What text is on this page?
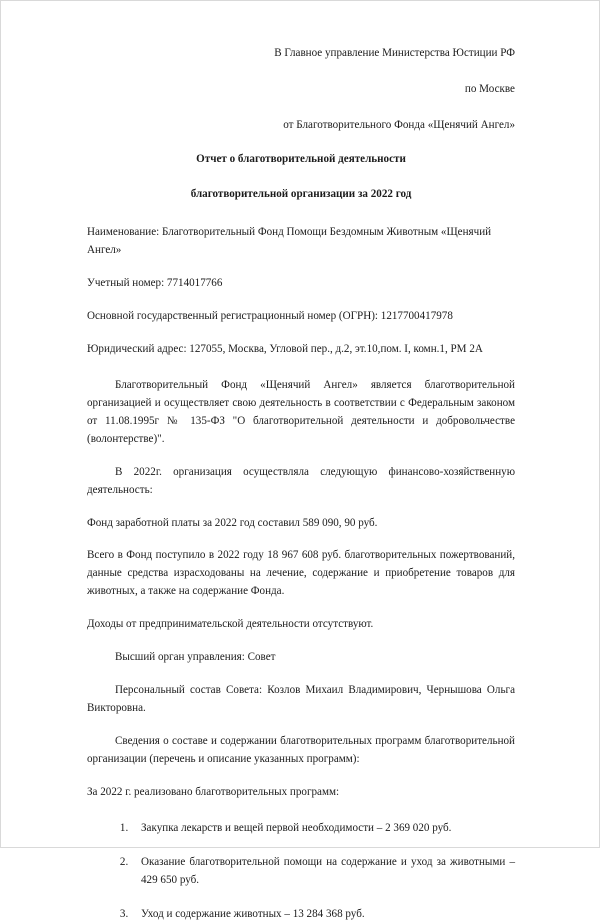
В Главное управление Министерства Юстиции РФ
по Москве
от Благотворительного Фонда «Щенячий Ангел»
Отчет о благотворительной деятельности
благотворительной организации за 2022 год

Наименование: Благотворительный Фонд Помощи Бездомным Животным «Щенячий Ангел»

Учетный номер: 7714017766

Основной государственный регистрационный номер (ОГРН): 1217700417978

Юридический адрес: 127055, Москва, Угловой пер., д.2, эт.10,пом. I, комн.1, РМ 2А

Благотворительный Фонд «Щенячий Ангел» является благотворительной организацией и осуществляет свою деятельность в соответствии с Федеральным законом от 11.08.1995г № 135-ФЗ "О благотворительной деятельности и добровольчестве (волонтерстве)".

В 2022г. организация осуществляла следующую финансово-хозяйственную деятельность:

Фонд заработной платы за 2022 год составил 589 090, 90 руб.

Всего в Фонд поступило в 2022 году 18 967 608 руб. благотворительных пожертвований, данные средства израсходованы на лечение, содержание и приобретение товаров для животных, а также на содержание Фонда.

Доходы от предпринимательской деятельности отсутствуют.

Высший орган управления: Совет

Персональный состав Совета: Козлов Михаил Владимирович, Чернышова Ольга Викторовна.

Сведения о составе и содержании благотворительных программ благотворительной организации (перечень и описание указанных программ):

За 2022 г. реализовано благотворительных программ:

1. Закупка лекарств и вещей первой необходимости – 2 369 020 руб.
2. Оказание благотворительной помощи на содержание и уход за животными – 429 650 руб.
3. Уход и содержание животных – 13 284 368 руб.
